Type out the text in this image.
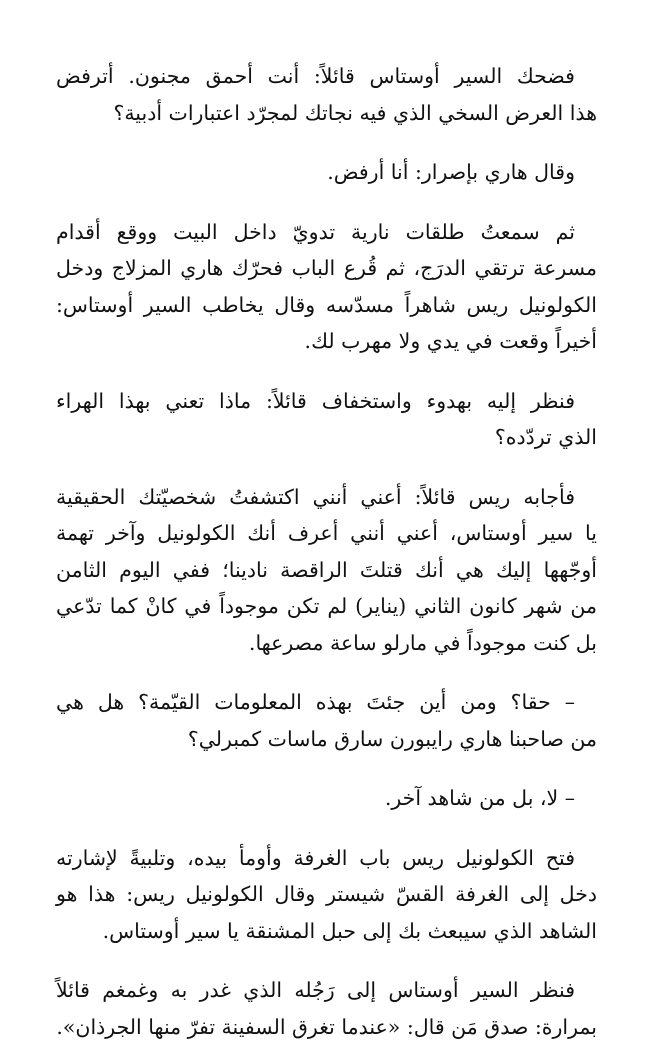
فضحك السير أوستاس قائلاً: أنت أحمق مجنون. أترفض
هذا العرض السخي الذي فيه نجاتك لمجرّد اعتبارات أدبية؟
وقال هاري بإصرار: أنا أرفض.
ثم سمعتُ طلقات نارية تدويّ داخل البيت ووقع أقدام
مسرعة ترتقي الدرَج، ثم قُرع الباب فحرّك هاري المزلاج ودخل
الكولونيل ريس شاهراً مسدّسه وقال يخاطب السير أوستاس:
أخيراً وقعت في يدي ولا مهرب لك.
فنظر إليه بهدوء واستخفاف قائلاً: ماذا تعني بهذا الهراء
الذي تردّده؟
فأجابه ريس قائلاً: أعني أنني اكتشفتُ شخصيّتك الحقيقية
يا سير أوستاس، أعني أنني أعرف أنك الكولونيل وآخر تهمة
أوجّهها إليك هي أنك قتلتَ الراقصة نادينا؛ ففي اليوم الثامن
من شهر كانون الثاني (يناير) لم تكن موجوداً في كانْ كما تدّعي
بل كنت موجوداً في مارلو ساعة مصرعها.
– حقا؟ ومن أين جئتَ بهذه المعلومات القيّمة؟ هل هي
من صاحبنا هاري رايبورن سارق ماسات كمبرلي؟
– لا، بل من شاهد آخر.
فتح الكولونيل ريس باب الغرفة وأومأ بيده، وتلبيةً لإشارته
دخل إلى الغرفة القسّ شيستر وقال الكولونيل ريس: هذا هو
الشاهد الذي سيبعث بك إلى حبل المشنقة يا سير أوستاس.
فنظر السير أوستاس إلى رَجُله الذي غدر به وغمغم قائلاً
بمرارة: صدق مَن قال: «عندما تغرق السفينة تفرّ منها الجرذان».
